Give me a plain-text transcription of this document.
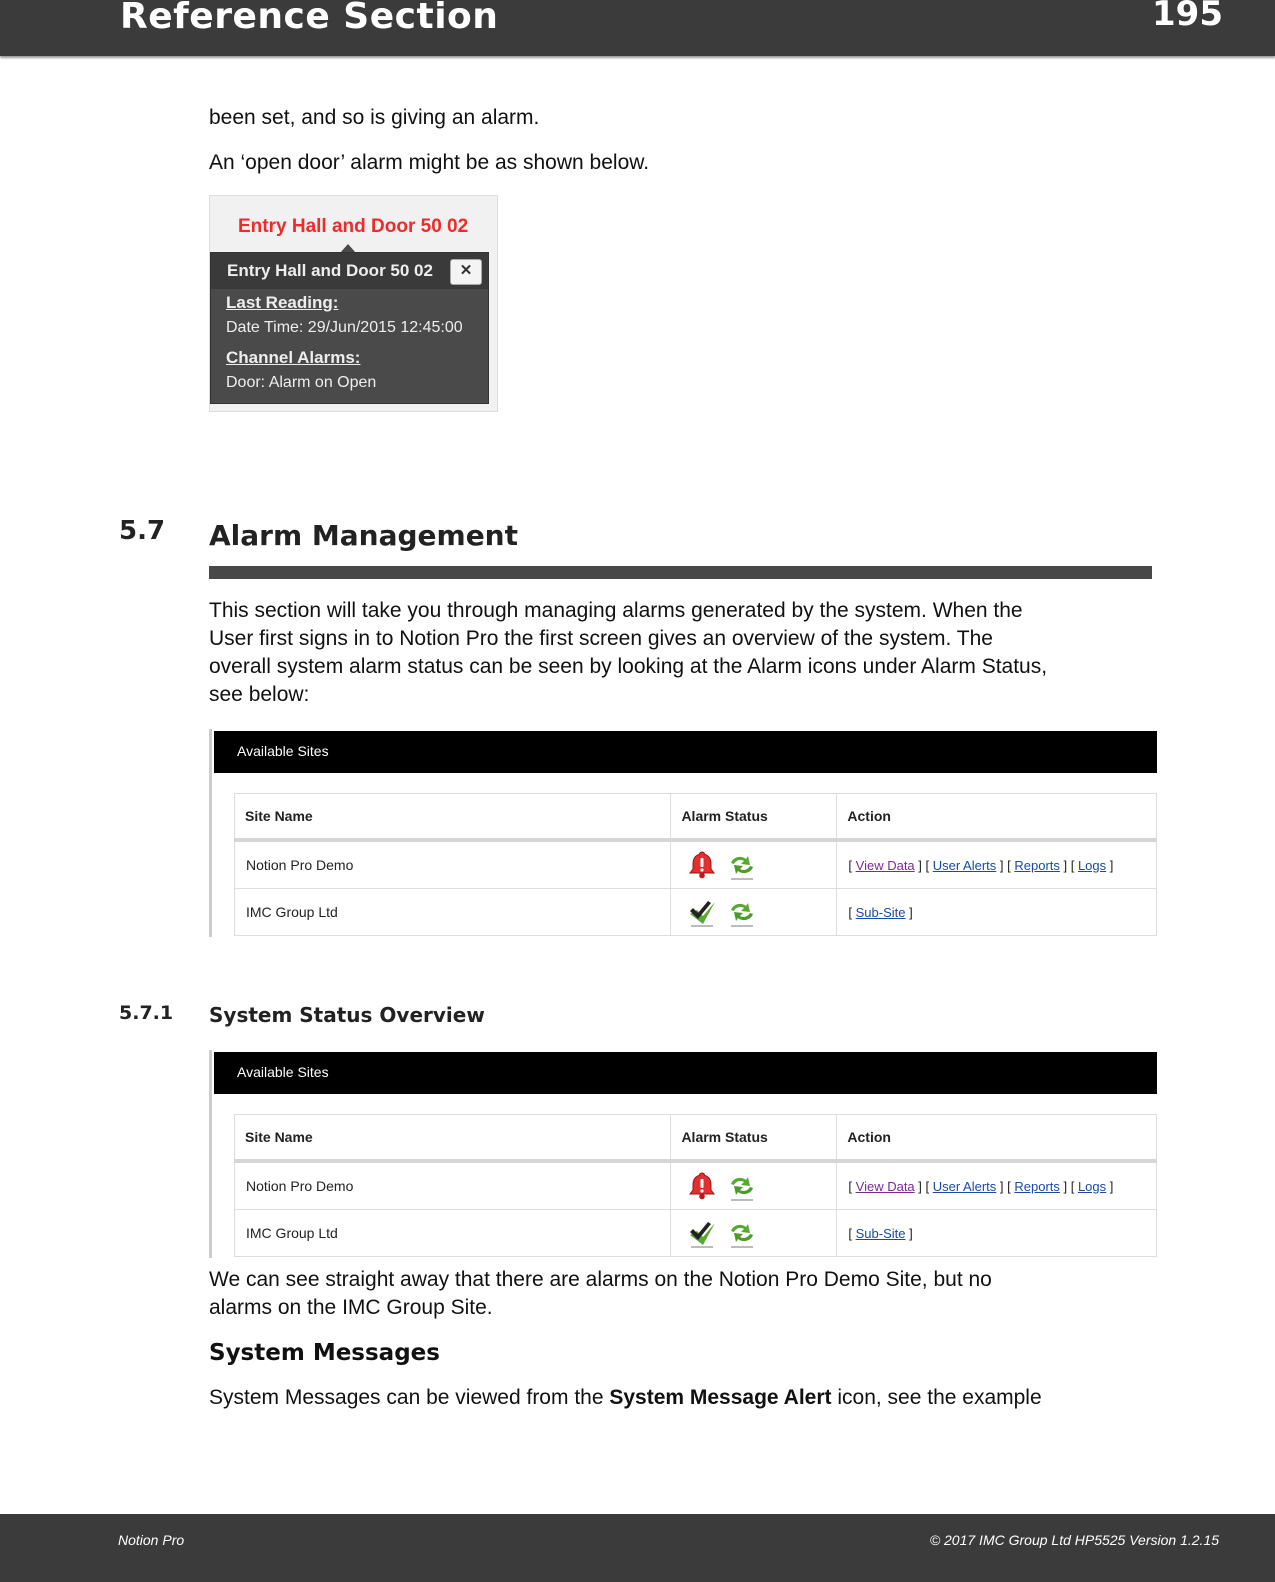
Reference Section	195
been set, and so is giving an alarm.
An ‘open door’ alarm might be as shown below.
Entry Hall and Door 50 02
Entry Hall and Door 50 02	✕
Last Reading:
Date Time: 29/Jun/2015 12:45:00
Channel Alarms:
Door: Alarm on Open
5.7 Alarm Management
This section will take you through managing alarms generated by the system. When the
User first signs in to Notion Pro the first screen gives an overview of the system. The
overall system alarm status can be seen by looking at the Alarm icons under Alarm Status,
see below:
Available Sites
Site Name	Alarm Status	Action
Notion Pro Demo		[ View Data ] [ User Alerts ] [ Reports ] [ Logs ]
IMC Group Ltd		[ Sub-Site ]
5.7.1 System Status Overview
Available Sites
Site Name	Alarm Status	Action
Notion Pro Demo		[ View Data ] [ User Alerts ] [ Reports ] [ Logs ]
IMC Group Ltd		[ Sub-Site ]
We can see straight away that there are alarms on the Notion Pro Demo Site, but no
alarms on the IMC Group Site.
System Messages
System Messages can be viewed from the System Message Alert icon, see the example
Notion Pro	© 2017 IMC Group Ltd HP5525 Version 1.2.15
